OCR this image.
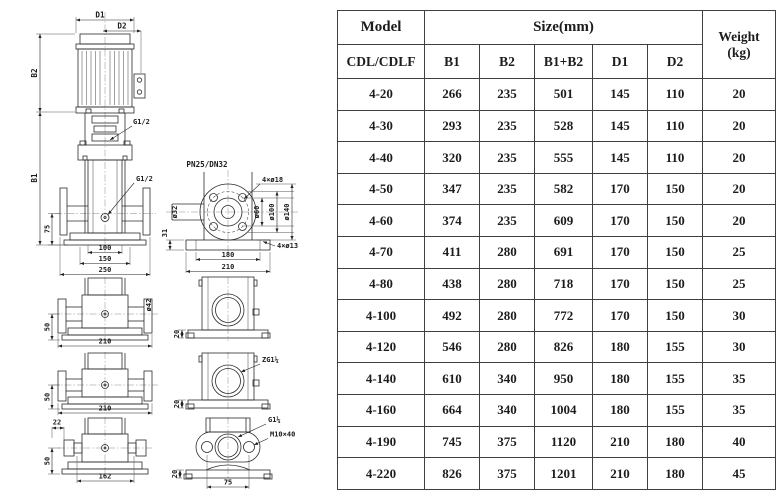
D1
D2
B2
B1
G1/2
G1/2
75
100
150
250
PN25/DN32
ø32
4×ø18
ø60 ø100 ø140
31
4×ø13
180
210
ø42
50
210
20
50
210
ZG1¼
20
22
50
162
G1¼
M10×40
20
75
Model	Size(mm)					Weight
(kg)

CDL/CDLF	B1	B2	B1+B2	D1	D2	
4-20	266	235	501	145	110	20
4-30	293	235	528	145	110	20
4-40	320	235	555	145	110	20
4-50	347	235	582	170	150	20
4-60	374	235	609	170	150	20
4-70	411	280	691	170	150	25
4-80	438	280	718	170	150	25
4-100	492	280	772	170	150	30
4-120	546	280	826	180	155	30
4-140	610	340	950	180	155	35
4-160	664	340	1004	180	155	35
4-190	745	375	1120	210	180	40
4-220	826	375	1201	210	180	45
